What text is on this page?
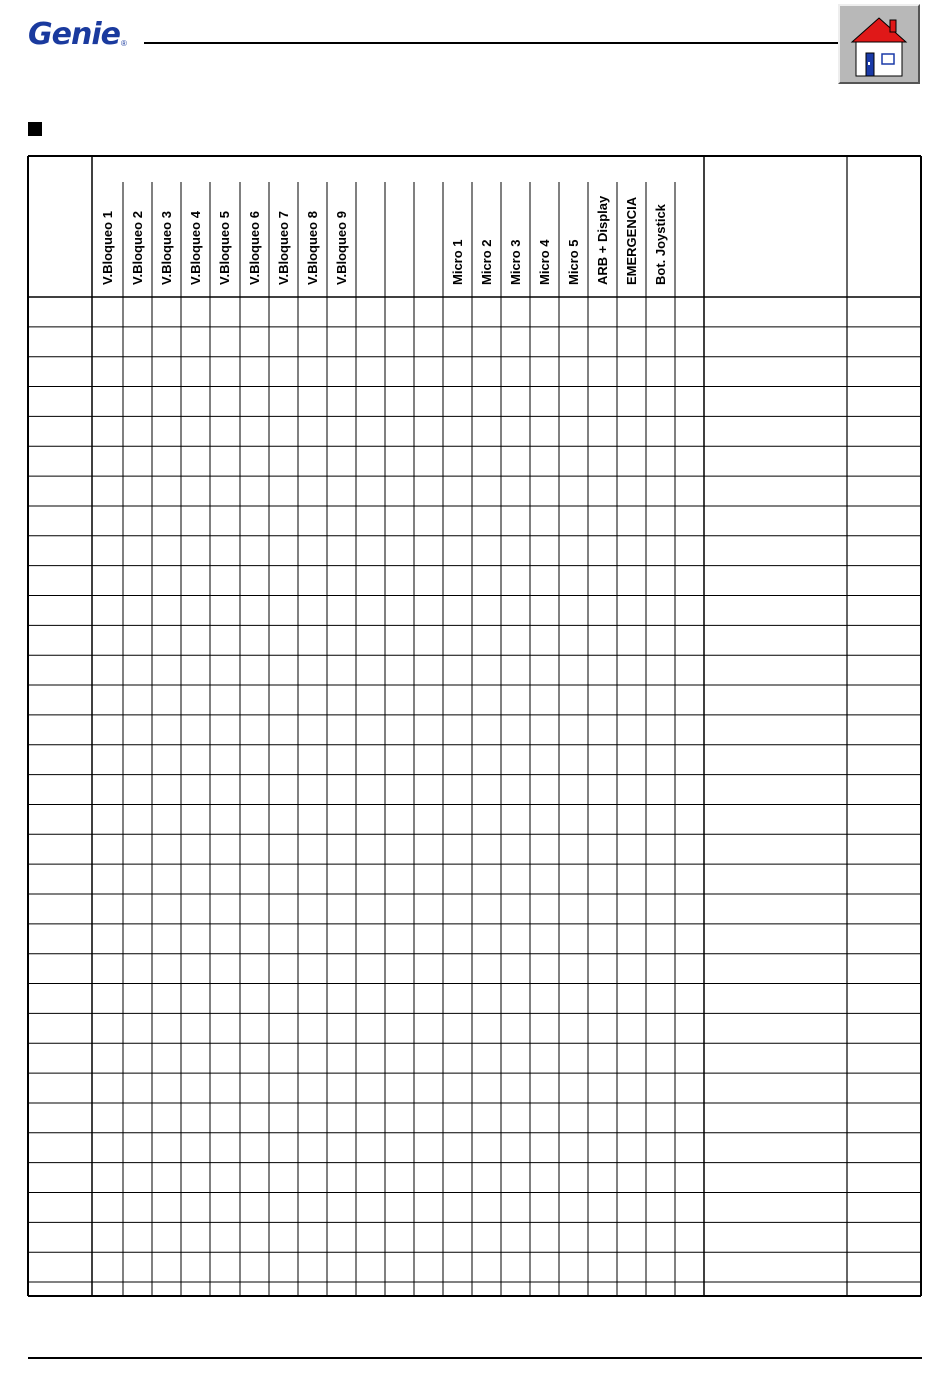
Genie ®
V.Bloqueo 1 V.Bloqueo 2 V.Bloqueo 3 V.Bloqueo 4 V.Bloqueo 5 V.Bloqueo 6 V.Bloqueo 7 V.Bloqueo 8 V.Bloqueo 9	Micro 1 Micro 2 Micro 3 Micro 4 Micro 5 ARB + Display EMERGENCIA Bot. Joystick
